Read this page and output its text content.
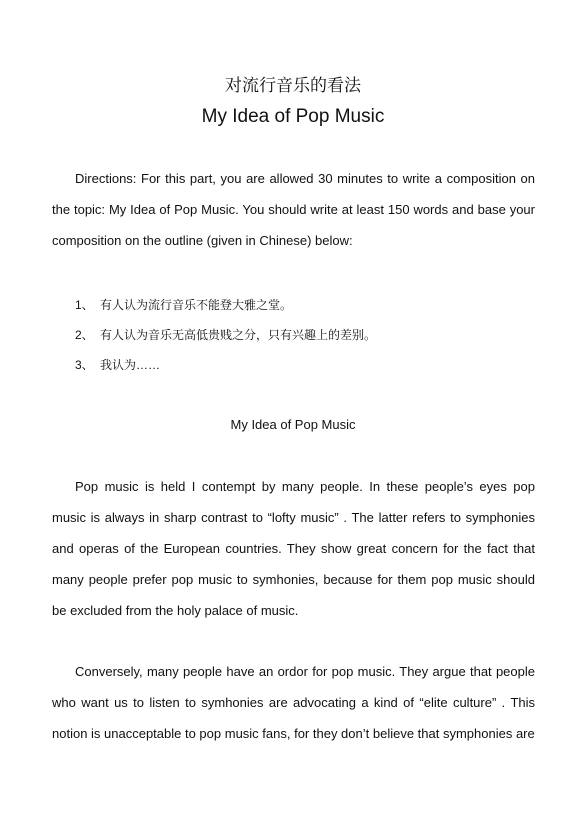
对流行音乐的看法
My Idea of Pop Music

Directions: For this part, you are allowed 30 minutes to write a composition on the topic: My Idea of Pop Music. You should write at least 150 words and base your composition on the outline (given in Chinese) below:

1、 有人认为流行音乐不能登大雅之堂。
2、 有人认为音乐无高低贵贱之分，只有兴趣上的差别。
3、 我认为……
My Idea of Pop Music

Pop music is held I contempt by many people. In these people’s eyes pop music is always in sharp contrast to “lofty music” . The latter refers to symphonies and operas of the European countries. They show great concern for the fact that many people prefer pop music to symhonies, because for them pop music should be excluded from the holy palace of music.

Conversely, many people have an ordor for pop music. They argue that people who want us to listen to symhonies are advocating a kind of “elite culture” . This notion is unacceptable to pop music fans, for they don’t believe that symphonies are
